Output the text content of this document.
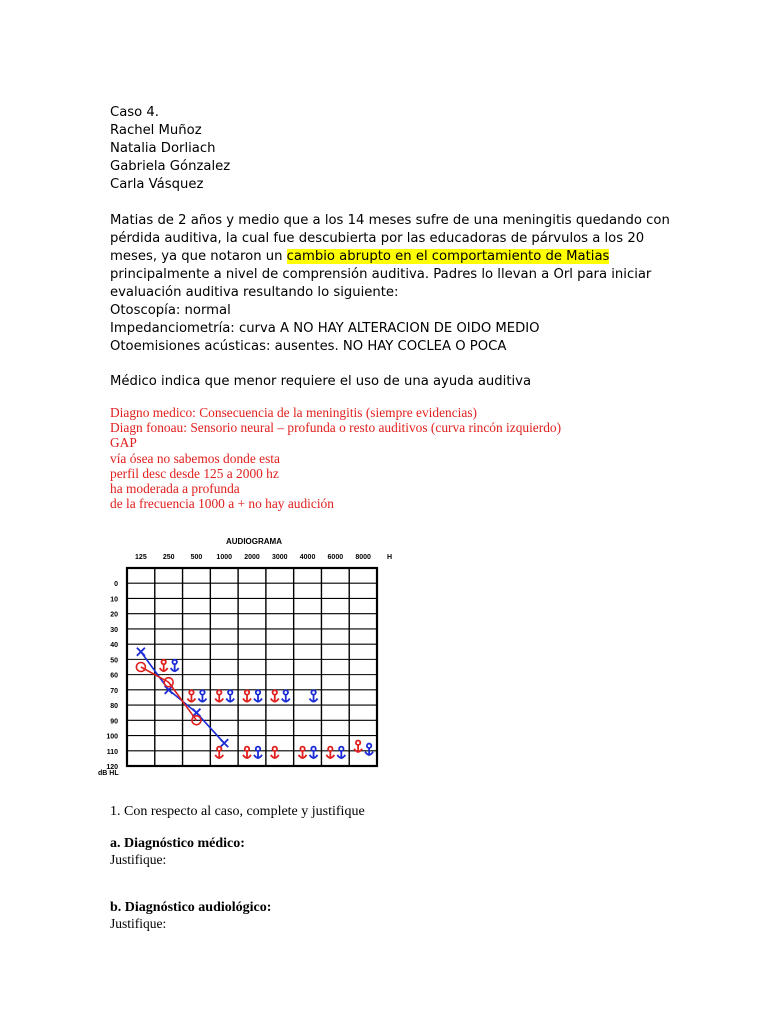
Caso 4.
Rachel Muñoz
Natalia Dorliach
Gabriela Gónzalez
Carla Vásquez
Matias de 2 años y medio que a los 14 meses sufre de una meningitis quedando con
pérdida auditiva, la cual fue descubierta por las educadoras de párvulos a los 20
meses, ya que notaron un cambio abrupto en el comportamiento de Matias
principalmente a nivel de comprensión auditiva. Padres lo llevan a Orl para iniciar
evaluación auditiva resultando lo siguiente:
Otoscopía: normal
Impedanciometría: curva A NO HAY ALTERACION DE OIDO MEDIO
Otoemisiones acústicas: ausentes. NO HAY COCLEA O POCA
Médico indica que menor requiere el uso de una ayuda auditiva
Diagno medico: Consecuencia de la meningitis (siempre evidencias)
Diagn fonoau: Sensorio neural – profunda o resto auditivos (curva rincón izquierdo)
GAP
vía ósea no sabemos donde esta
perfil desc desde 125 a 2000 hz
ha moderada a profunda
de la frecuencia 1000 a + no hay audición
AUDIOGRAMA
125 250 500 1000 2000 3000 4000 6000 8000
0
10
20
30
40
50
60
70
80
90
100
110
120
dB HL
H
1. Con respecto al caso, complete y justifique
a. Diagnóstico médico:
Justifique:
b. Diagnóstico audiológico:
Justifique:
